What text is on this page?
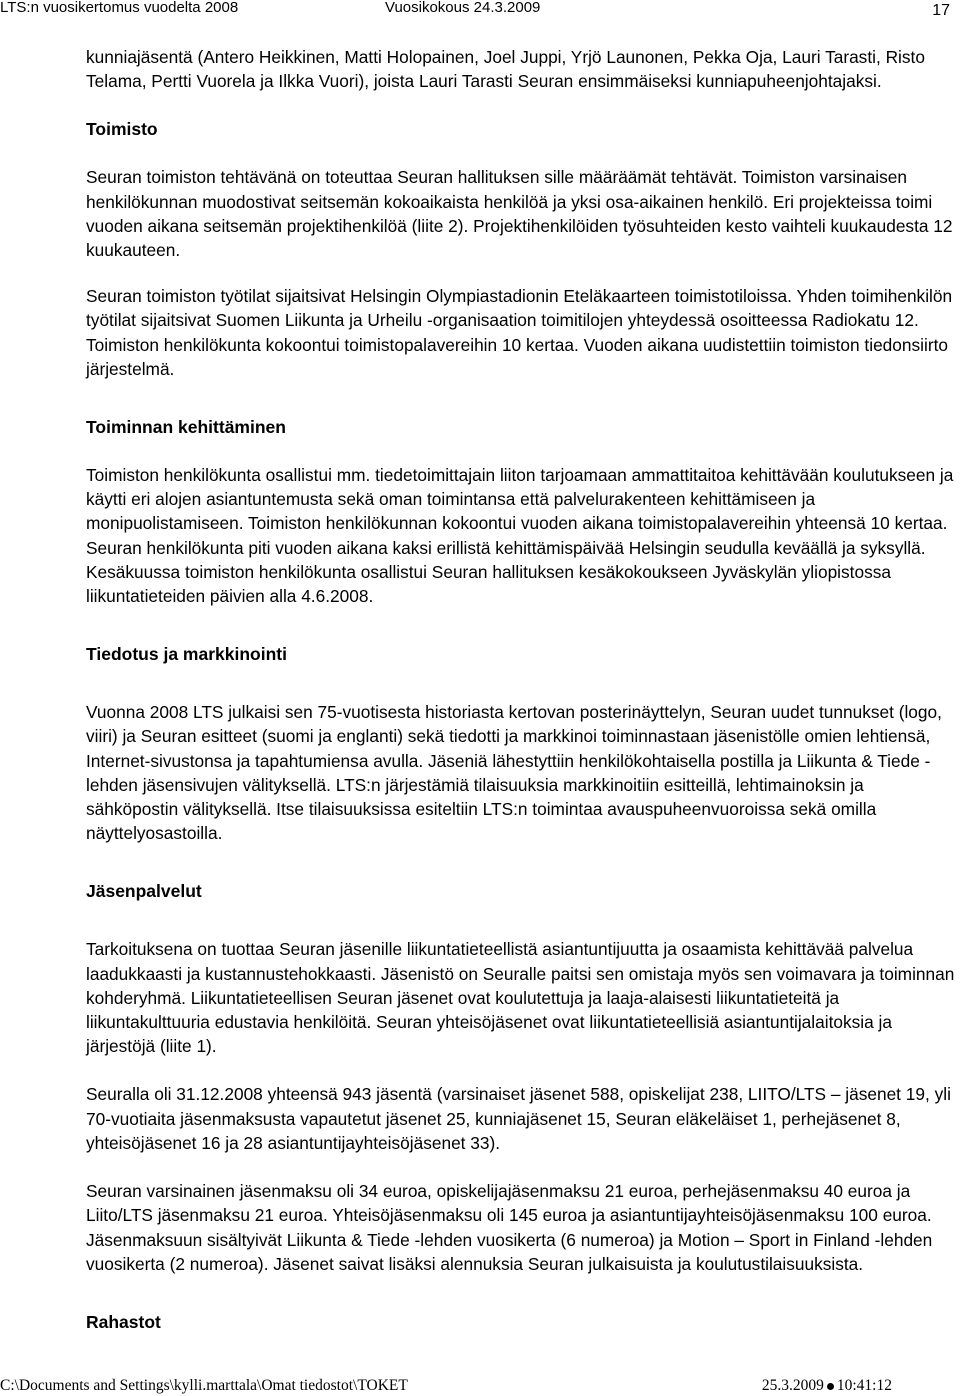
LTS:n vuosikertomus vuodelta 2008	Vuosikokous 24.3.2009	17

kunniajäsentä (Antero Heikkinen, Matti Holopainen, Joel Juppi, Yrjö Launonen, Pekka Oja, Lauri Tarasti, Risto Telama, Pertti Vuorela ja Ilkka Vuori), joista Lauri Tarasti Seuran ensimmäiseksi kunniapuheenjohtajaksi.

Toimisto

Seuran toimiston tehtävänä on toteuttaa Seuran hallituksen sille määräämät tehtävät. Toimiston varsinaisen henkilökunnan muodostivat seitsemän kokoaikaista henkilöä ja yksi osa-aikainen henkilö. Eri projekteissa toimi vuoden aikana seitsemän projektihenkilöä (liite 2). Projektihenkilöiden työsuhteiden kesto vaihteli kuukaudesta 12 kuukauteen.

Seuran toimiston työtilat sijaitsivat Helsingin Olympiastadionin Eteläkaarteen toimistotiloissa. Yhden toimihenkilön työtilat sijaitsivat Suomen Liikunta ja Urheilu -organisaation toimitilojen yhteydessä osoitteessa Radiokatu 12. Toimiston henkilökunta kokoontui toimistopalavereihin 10 kertaa. Vuoden aikana uudistettiin toimiston tiedonsiirto järjestelmä.

Toiminnan kehittäminen

Toimiston henkilökunta osallistui mm. tiedetoimittajain liiton tarjoamaan ammattitaitoa kehittävään koulutukseen ja käytti eri alojen asiantuntemusta sekä oman toimintansa että palvelurakenteen kehittämiseen ja monipuolistamiseen. Toimiston henkilökunnan kokoontui vuoden aikana toimistopalavereihin yhteensä 10 kertaa. Seuran henkilökunta piti vuoden aikana kaksi erillistä kehittämispäivää Helsingin seudulla keväällä ja syksyllä. Kesäkuussa toimiston henkilökunta osallistui Seuran hallituksen kesäkokoukseen Jyväskylän yliopistossa liikuntatieteiden päivien alla 4.6.2008.

Tiedotus ja markkinointi

Vuonna 2008 LTS julkaisi sen 75-vuotisesta historiasta kertovan posterinäyttelyn, Seuran uudet tunnukset (logo, viiri) ja Seuran esitteet (suomi ja englanti) sekä tiedotti ja markkinoi toiminnastaan jäsenistölle omien lehtiensä, Internet-sivustonsa ja tapahtumiensa avulla. Jäseniä lähestyttiin henkilökohtaisella postilla ja Liikunta & Tiede -lehden jäsensivujen välityksellä. LTS:n järjestämiä tilaisuuksia markkinoitiin esitteillä, lehtimainoksin ja sähköpostin välityksellä. Itse tilaisuuksissa esiteltiin LTS:n toimintaa avauspuheenvuoroissa sekä omilla näyttelyosastoilla.

Jäsenpalvelut

Tarkoituksena on tuottaa Seuran jäsenille liikuntatieteellistä asiantuntijuutta ja osaamista kehittävää palvelua laadukkaasti ja kustannustehokkaasti. Jäsenistö on Seuralle paitsi sen omistaja myös sen voimavara ja toiminnan kohderyhmä. Liikuntatieteellisen Seuran jäsenet ovat koulutettuja ja laaja-alaisesti liikuntatieteitä ja liikuntakulttuuria edustavia henkilöitä. Seuran yhteisöjäsenet ovat liikuntatieteellisiä asiantuntijalaitoksia ja järjestöjä (liite 1).

Seuralla oli 31.12.2008 yhteensä 943 jäsentä (varsinaiset jäsenet 588, opiskelijat 238, LIITO/LTS – jäsenet 19, yli 70-vuotiaita jäsenmaksusta vapautetut jäsenet 25, kunniajäsenet 15, Seuran eläkeläiset 1, perhejäsenet 8, yhteisöjäsenet 16 ja 28 asiantuntijayhteisöjäsenet 33).

Seuran varsinainen jäsenmaksu oli 34 euroa, opiskelijajäsenmaksu 21 euroa, perhejäsenmaksu 40 euroa ja Liito/LTS jäsenmaksu 21 euroa. Yhteisöjäsenmaksu oli 145 euroa ja asiantuntijayhteisöjäsenmaksu 100 euroa. Jäsenmaksuun sisältyivät Liikunta & Tiede -lehden vuosikerta (6 numeroa) ja Motion – Sport in Finland -lehden vuosikerta (2 numeroa). Jäsenet saivat lisäksi alennuksia Seuran julkaisuista ja koulutustilaisuuksista.

Rahastot
C:\Documents and Settings\kylli.marttala\Omat tiedostot\TOKET	25.3.2009 10:41:12
